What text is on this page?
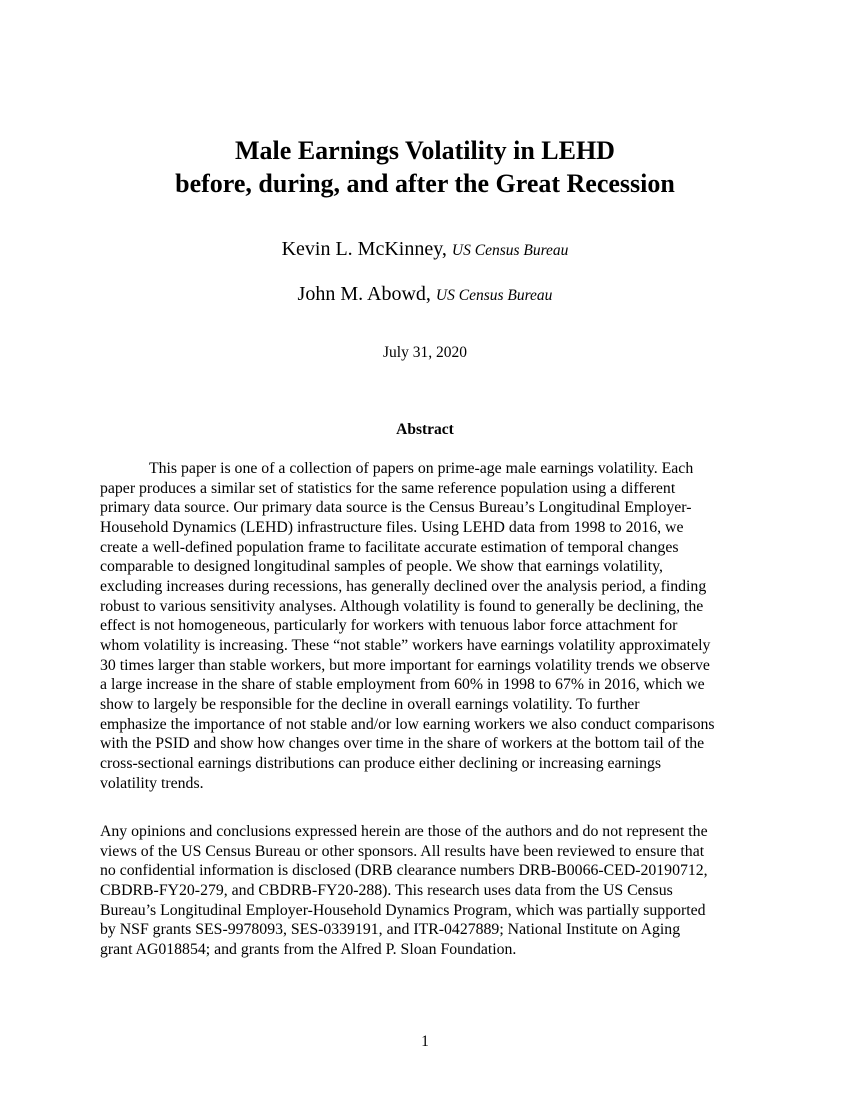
Male Earnings Volatility in LEHD
before, during, and after the Great Recession
Kevin L. McKinney, US Census Bureau
John M. Abowd, US Census Bureau
July 31, 2020
Abstract
This paper is one of a collection of papers on prime-age male earnings volatility. Each
paper produces a similar set of statistics for the same reference population using a different
primary data source. Our primary data source is the Census Bureau’s Longitudinal Employer-
Household Dynamics (LEHD) infrastructure files. Using LEHD data from 1998 to 2016, we
create a well-defined population frame to facilitate accurate estimation of temporal changes
comparable to designed longitudinal samples of people. We show that earnings volatility,
excluding increases during recessions, has generally declined over the analysis period, a finding
robust to various sensitivity analyses. Although volatility is found to generally be declining, the
effect is not homogeneous, particularly for workers with tenuous labor force attachment for
whom volatility is increasing. These “not stable” workers have earnings volatility approximately
30 times larger than stable workers, but more important for earnings volatility trends we observe
a large increase in the share of stable employment from 60% in 1998 to 67% in 2016, which we
show to largely be responsible for the decline in overall earnings volatility. To further
emphasize the importance of not stable and/or low earning workers we also conduct comparisons
with the PSID and show how changes over time in the share of workers at the bottom tail of the
cross-sectional earnings distributions can produce either declining or increasing earnings
volatility trends.
Any opinions and conclusions expressed herein are those of the authors and do not represent the
views of the US Census Bureau or other sponsors. All results have been reviewed to ensure that
no confidential information is disclosed (DRB clearance numbers DRB-B0066-CED-20190712,
CBDRB-FY20-279, and CBDRB-FY20-288). This research uses data from the US Census
Bureau’s Longitudinal Employer-Household Dynamics Program, which was partially supported
by NSF grants SES-9978093, SES-0339191, and ITR-0427889; National Institute on Aging
grant AG018854; and grants from the Alfred P. Sloan Foundation.
1
